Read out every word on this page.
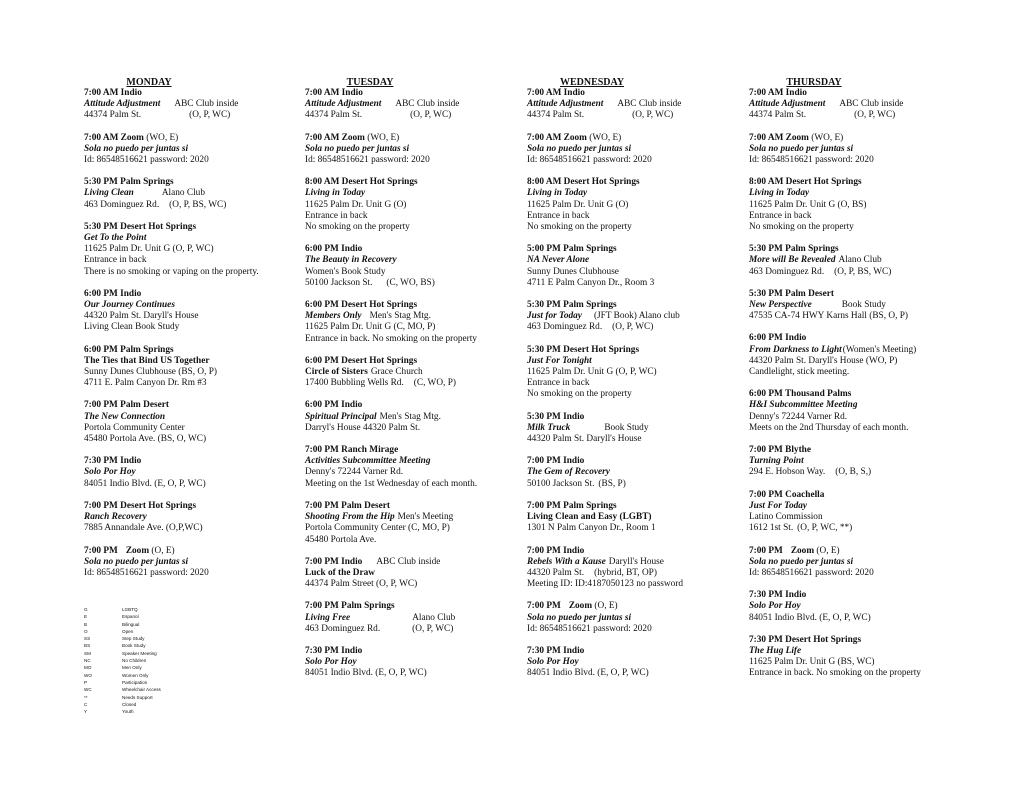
MONDAY
7:00 AM Indio
Attitude Adjustment ABC Club inside
44374 Palm St.	(O, P, WC)
7:00 AM Zoom (WO, E)
Sola no puedo per juntas si
Id: 86548516621 password: 2020
5:30 PM Palm Springs
Living Clean	Alano Club
463 Dominguez Rd. (O, P, BS, WC)
5:30 PM Desert Hot Springs
Get To the Point
11625 Palm Dr. Unit G (O, P, WC)
Entrance in back
There is no smoking or vaping on the property.
6:00 PM Indio
Our Journey Continues
44320 Palm St. Daryll's House
Living Clean Book Study
6:00 PM Palm Springs
The Ties that Bind US Together
Sunny Dunes Clubhouse (BS, O, P)
4711 E. Palm Canyon Dr. Rm #3
7:00 PM Palm Desert
The New Connection
Portola Community Center
45480 Portola Ave. (BS, O, WC)
7:30 PM Indio
Solo Por Hoy
84051 Indio Blvd. (E, O, P, WC)
7:00 PM Desert Hot Springs
Ranch Recovery
7885 Annandale Ave. (O,P,WC)
7:00 PM Zoom (O, E)
Sola no puedo per juntas si
Id: 86548516621 password: 2020
TUESDAY
7:00 AM Indio
Attitude Adjustment ABC Club inside
44374 Palm St.	(O, P, WC)
7:00 AM Zoom (WO, E)
Sola no puedo per juntas si
Id: 86548516621 password: 2020
8:00 AM Desert Hot Springs
Living in Today
11625 Palm Dr. Unit G (O)
Entrance in back
No smoking on the property
6:00 PM Indio
The Beauty in Recovery
Women's Book Study
50100 Jackson St. (C, WO, BS)
6:00 PM Desert Hot Springs
Members Only Men's Stag Mtg.
11625 Palm Dr. Unit G (C, MO, P)
Entrance in back. No smoking on the property
6:00 PM Desert Hot Springs
Circle of Sisters Grace Church
17400 Bubbling Wells Rd. (C, WO, P)
6:00 PM Indio
Spiritual Principal Men's Stag Mtg.
Darryl's House 44320 Palm St.
7:00 PM Ranch Mirage
Activities Subcommittee Meeting
Denny's 72244 Varner Rd.
Meeting on the 1st Wednesday of each month.
7:00 PM Palm Desert
Shooting From the Hip Men's Meeting
Portola Community Center (C, MO, P)
45480 Portola Ave.
7:00 PM Indio ABC Club inside
Luck of the Draw
44374 Palm Street (O, P, WC)
7:00 PM Palm Springs
Living Free	Alano Club
463 Dominguez Rd.	(O, P, WC)
7:30 PM Indio
Solo Por Hoy
84051 Indio Blvd. (E, O, P, WC)
WEDNESDAY
7:00 AM Indio
Attitude Adjustment ABC Club inside
44374 Palm St.	(O, P, WC)
7:00 AM Zoom (WO, E)
Sola no puedo per juntas si
Id: 86548516621 password: 2020
8:00 AM Desert Hot Springs
Living in Today
11625 Palm Dr. Unit G (O)
Entrance in back
No smoking on the property
5:00 PM Palm Springs
NA Never Alone
Sunny Dunes Clubhouse
4711 E Palm Canyon Dr., Room 3
5:30 PM Palm Springs
Just for Today (JFT Book) Alano club
463 Dominguez Rd. (O, P, WC)
5:30 PM Desert Hot Springs
Just For Tonight
11625 Palm Dr. Unit G (O, P, WC)
Entrance in back
No smoking on the property
5:30 PM Indio
Milk Truck	Book Study
44320 Palm St. Daryll's House
7:00 PM Indio
The Gem of Recovery
50100 Jackson St. (BS, P)
7:00 PM Palm Springs
Living Clean and Easy (LGBT)
1301 N Palm Canyon Dr., Room 1
7:00 PM Indio
Rebels With a Kause Daryll's House
44320 Palm St. (hybrid, BT, OP)
Meeting ID: ID:4187050123 no password
7:00 PM Zoom (O, E)
Sola no puedo per juntas si
Id: 86548516621 password: 2020
7:30 PM Indio
Solo Por Hoy
84051 Indio Blvd. (E, O, P, WC)
THURSDAY
7:00 AM Indio
Attitude Adjustment ABC Club inside
44374 Palm St.	(O, P, WC)
7:00 AM Zoom (WO, E)
Sola no puedo per juntas si
Id: 86548516621 password: 2020
8:00 AM Desert Hot Springs
Living in Today
11625 Palm Dr. Unit G (O, BS)
Entrance in back
No smoking on the property
5:30 PM Palm Springs
More will Be Revealed Alano Club
463 Dominguez Rd. (O, P, BS, WC)
5:30 PM Palm Desert
New Perspective	Book Study
47535 CA-74 HWY Karns Hall (BS, O, P)
6:00 PM Indio
From Darkness to Light(Women's Meeting)
44320 Palm St. Daryll's House (WO, P)
Candlelight, stick meeting.
6:00 PM Thousand Palms
H&I Subcommittee Meeting
Denny's 72244 Varner Rd.
Meets on the 2nd Thursday of each month.
7:00 PM Blythe
Turning Point
294 E. Hobson Way. (O, B, S,)
7:00 PM Coachella
Just For Today
Latino Commission
1612 1st St. (O, P, WC, **)
7:00 PM Zoom (O, E)
Sola no puedo per juntas si
Id: 86548516621 password: 2020
7:30 PM Indio
Solo Por Hoy
84051 Indio Blvd. (E, O, P, WC)
7:30 PM Desert Hot Springs
The Hug Life
11625 Palm Dr. Unit G (BS, WC)
Entrance in back. No smoking on the property
G	LGBTQ
E	Espanol
B	Bilingual
O	Open
SS	Step Study
BS	Book Study
SM	Speaker Meeting
NC	No Children
MO	Men Only
WO	Women Only
P	Participation
WC	Wheelchair Access
**	Needs Support
C	Closed
Y	Youth
